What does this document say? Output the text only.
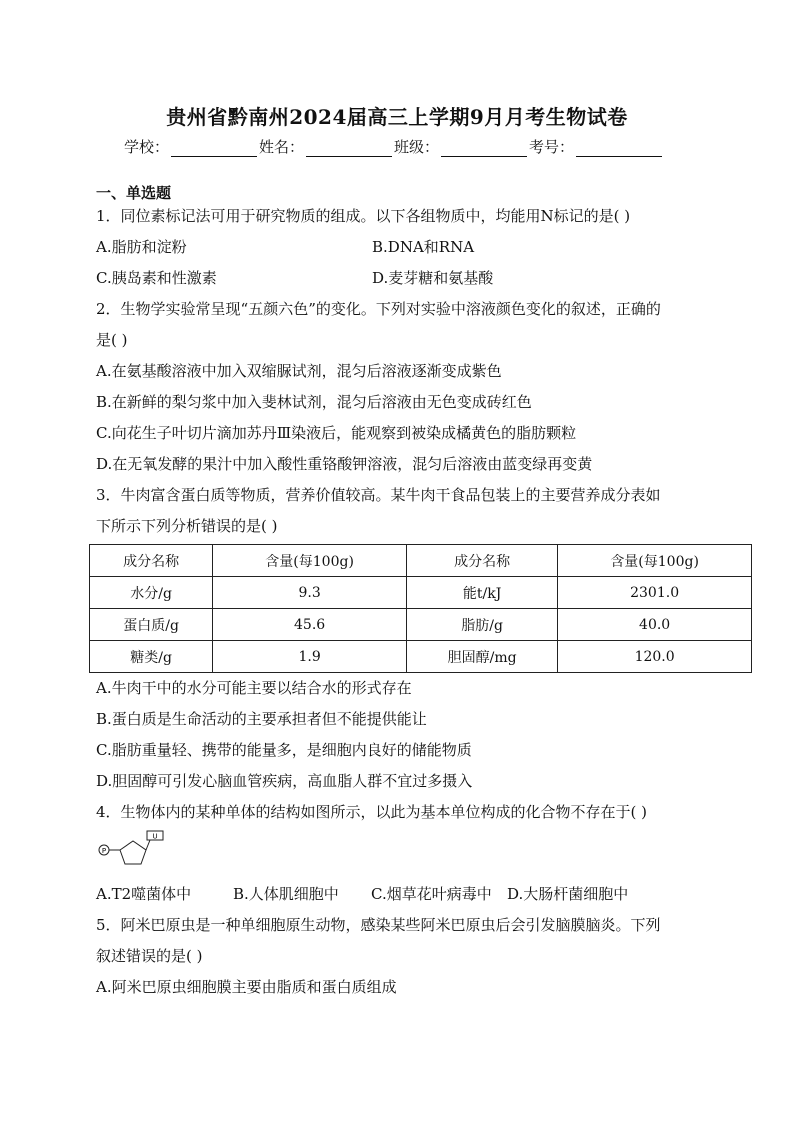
贵州省黔南州2024届高三上学期9月月考生物试卷
学校：	姓名：	班级：	考号：
一、单选题
1．同位素标记法可用于研究物质的组成。以下各组物质中，均能用N标记的是( )
A.脂肪和淀粉	B.DNA和RNA
C.胰岛素和性激素	D.麦芽糖和氨基酸
2．生物学实验常呈现“五颜六色”的变化。下列对实验中溶液颜色变化的叙述，正确的
是( )
A.在氨基酸溶液中加入双缩脲试剂，混匀后溶液逐渐变成紫色
B.在新鲜的梨匀浆中加入斐林试剂，混匀后溶液由无色变成砖红色
C.向花生子叶切片滴加苏丹Ⅲ染液后，能观察到被染成橘黄色的脂肪颗粒
D.在无氧发酵的果汁中加入酸性重铬酸钾溶液，混匀后溶液由蓝变绿再变黄
3．牛肉富含蛋白质等物质，营养价值较高。某牛肉干食品包装上的主要营养成分表如
下所示下列分析错误的是( )
成分名称	含量(每100g)	成分名称	含量(每100g)
水分/g	9.3	能t/kJ	2301.0
蛋白质/g	45.6	脂肪/g	40.0
糖类/g	1.9	胆固醇/mg	120.0
A.牛肉干中的水分可能主要以结合水的形式存在
B.蛋白质是生命活动的主要承担者但不能提供能让
C.脂肪重量轻、携带的能量多，是细胞内良好的储能物质
D.胆固醇可引发心脑血管疾病，高血脂人群不宜过多摄入
4．生物体内的某种单体的结构如图所示，以此为基本单位构成的化合物不存在于( )
P
U
A.T2噬菌体中	B.人体肌细胞中 C.烟草花叶病毒中 D.大肠杆菌细胞中
5．阿米巴原虫是一种单细胞原生动物，感染某些阿米巴原虫后会引发脑膜脑炎。下列
叙述错误的是( )
A.阿米巴原虫细胞膜主要由脂质和蛋白质组成
